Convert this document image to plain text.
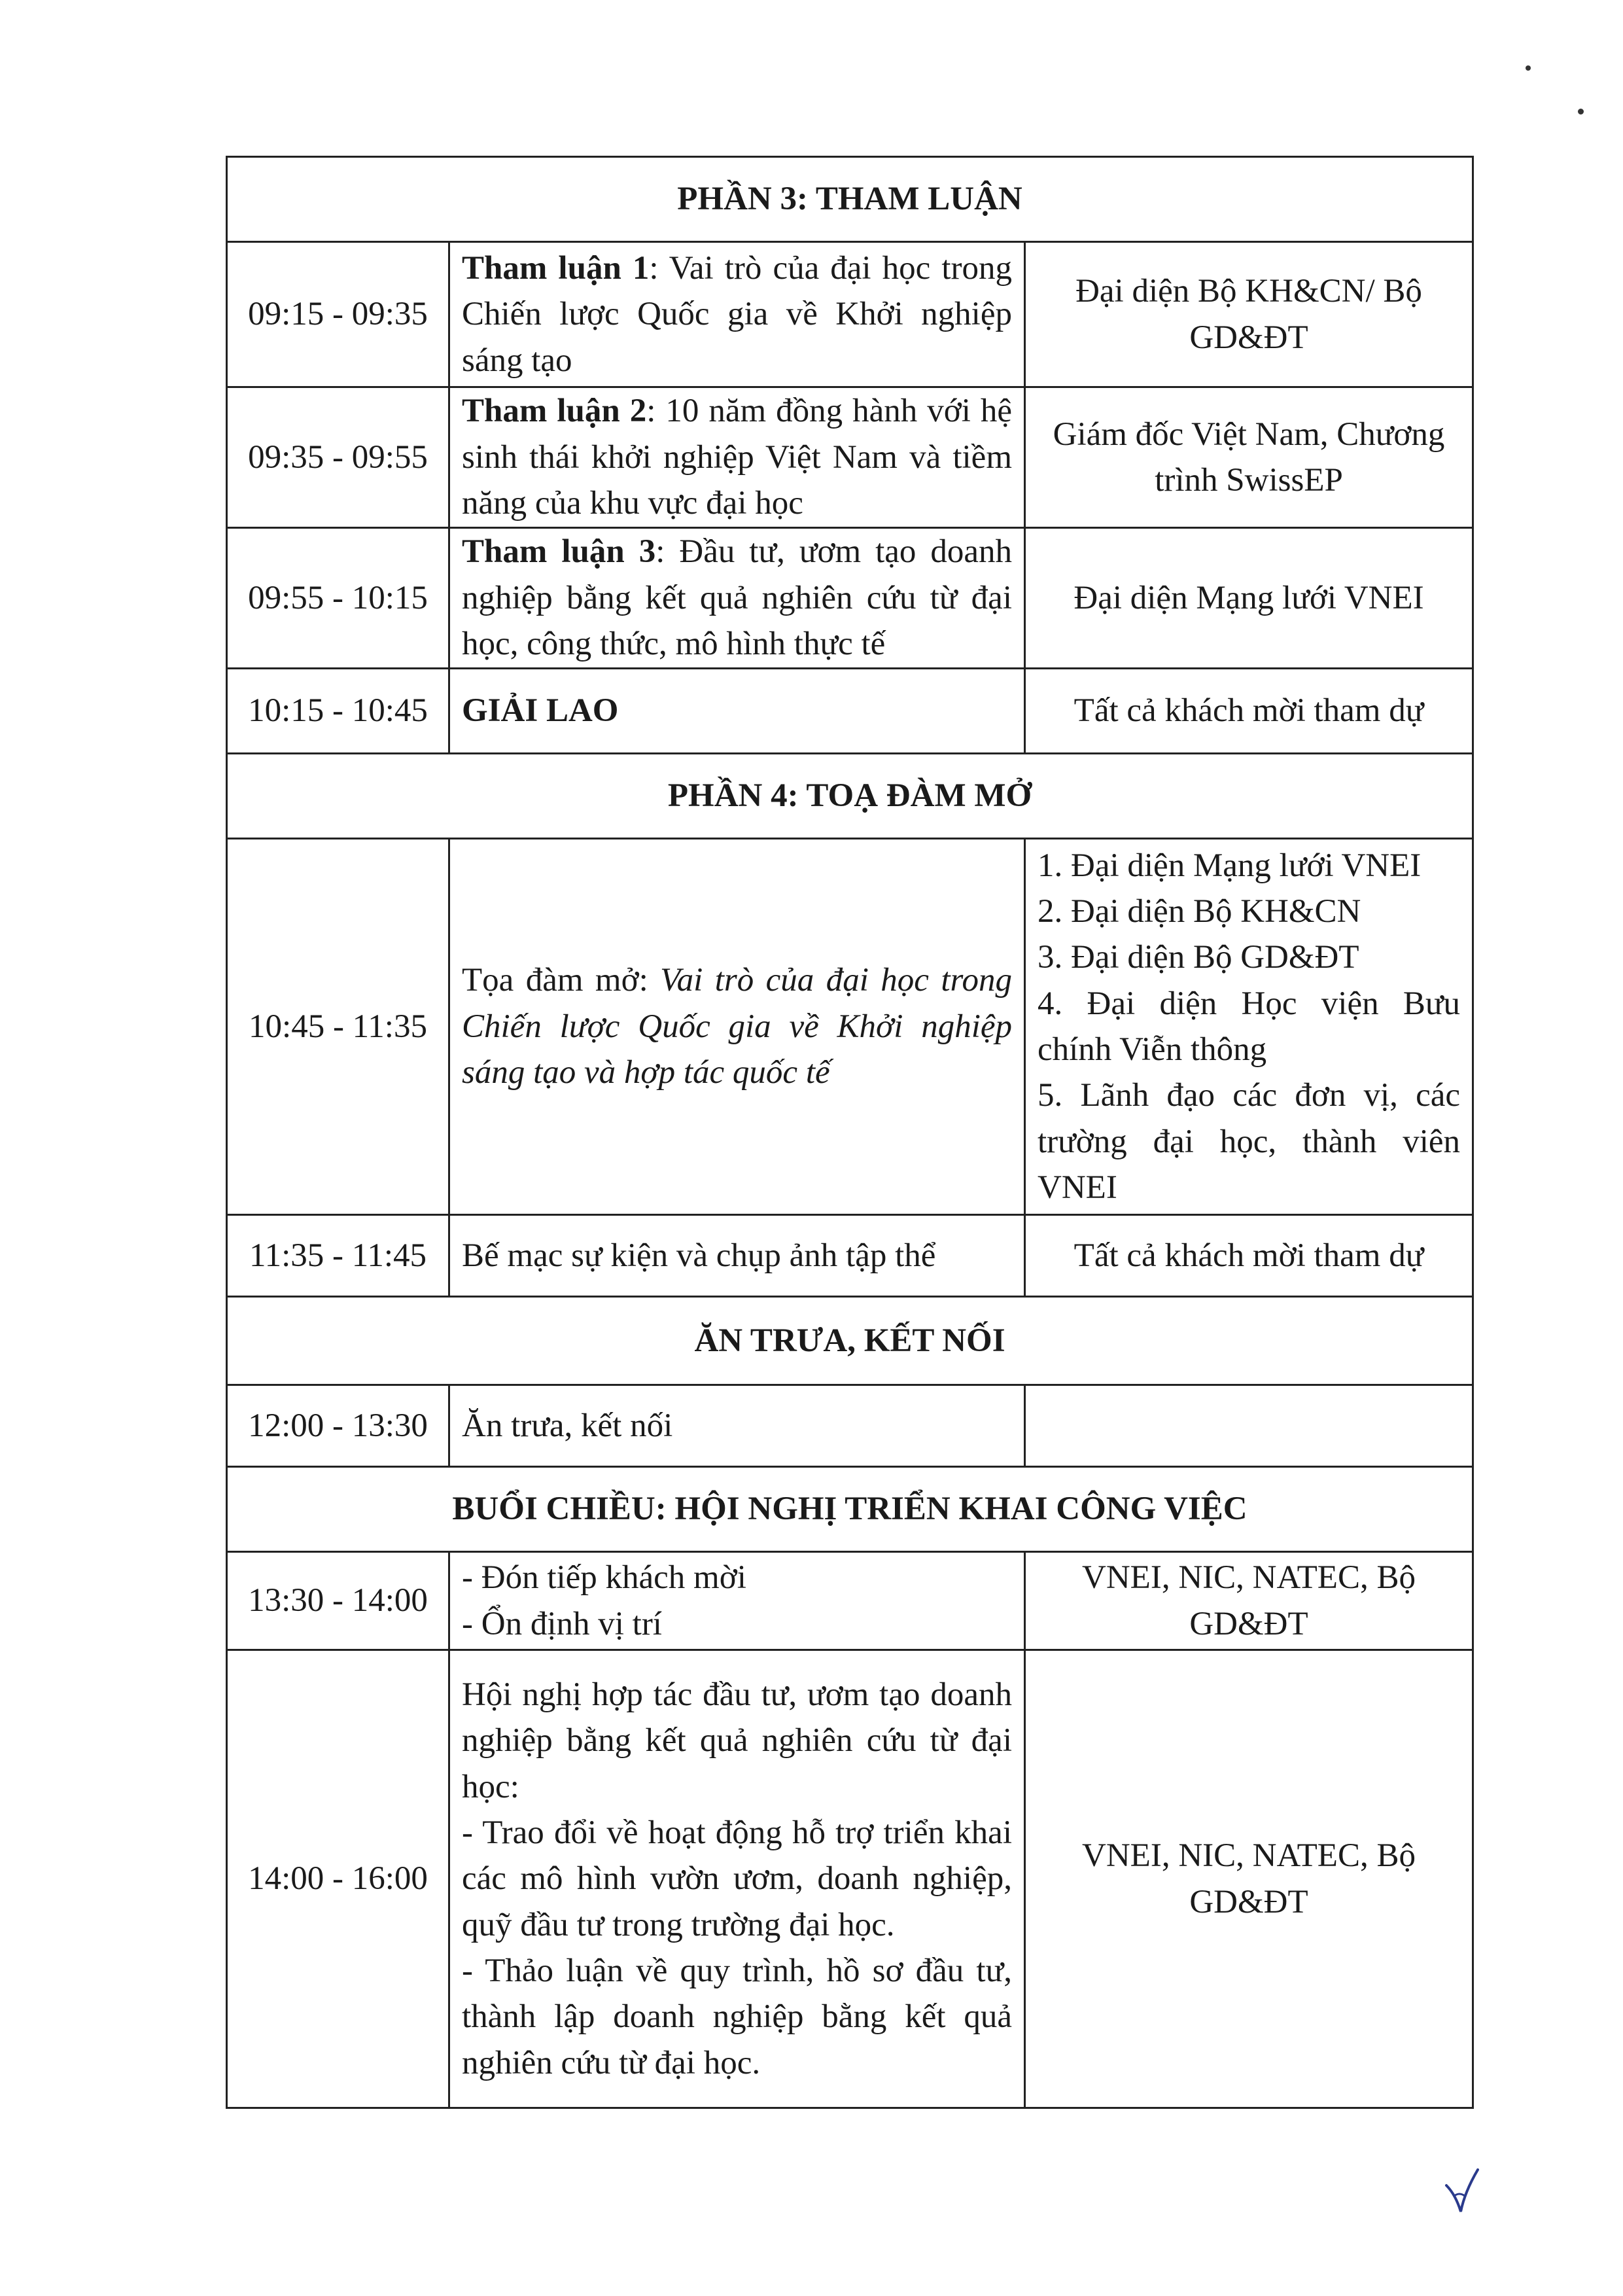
PHẦN 3: THAM LUẬN		
09:15 - 09:35	Tham luận 1: Vai trò của đại học trong Chiến lược Quốc gia về Khởi nghiệp sáng tạo	Đại diện Bộ KH&CN/ Bộ GD&ĐT
09:35 - 09:55	Tham luận 2: 10 năm đồng hành với hệ sinh thái khởi nghiệp Việt Nam và tiềm năng của khu vực đại học	Giám đốc Việt Nam, Chương trình SwissEP
09:55 - 10:15	Tham luận 3: Đầu tư, ươm tạo doanh nghiệp bằng kết quả nghiên cứu từ đại học, công thức, mô hình thực tế	Đại diện Mạng lưới VNEI
10:15 - 10:45	GIẢI LAO	Tất cả khách mời tham dự
PHẦN 4: TOẠ ĐÀM MỞ		
10:45 - 11:35	Tọa đàm mở: Vai trò của đại học trong Chiến lược Quốc gia về Khởi nghiệp sáng tạo và hợp tác quốc tế	1. Đại diện Mạng lưới VNEI
2. Đại diện Bộ KH&CN
3. Đại diện Bộ GD&ĐT
4. Đại diện Học viện Bưu chính Viễn thông
5. Lãnh đạo các đơn vị, các trường đại học, thành viên VNEI

11:35 - 11:45	Bế mạc sự kiện và chụp ảnh tập thể	Tất cả khách mời tham dự
ĂN TRƯA, KẾT NỐI		
12:00 - 13:30	Ăn trưa, kết nối	
BUỔI CHIỀU: HỘI NGHỊ TRIỂN KHAI CÔNG VIỆC		
13:30 - 14:00	- Đón tiếp khách mời
- Ổn định vị trí	VNEI, NIC, NATEC, Bộ GD&ĐT
14:00 - 16:00	Hội nghị hợp tác đầu tư, ươm tạo doanh nghiệp bằng kết quả nghiên cứu từ đại học:
- Trao đổi về hoạt động hỗ trợ triển khai các mô hình vườn ươm, doanh nghiệp, quỹ đầu tư trong trường đại học.
- Thảo luận về quy trình, hồ sơ đầu tư, thành lập doanh nghiệp bằng kết quả nghiên cứu từ đại học.	VNEI, NIC, NATEC, Bộ GD&ĐT
